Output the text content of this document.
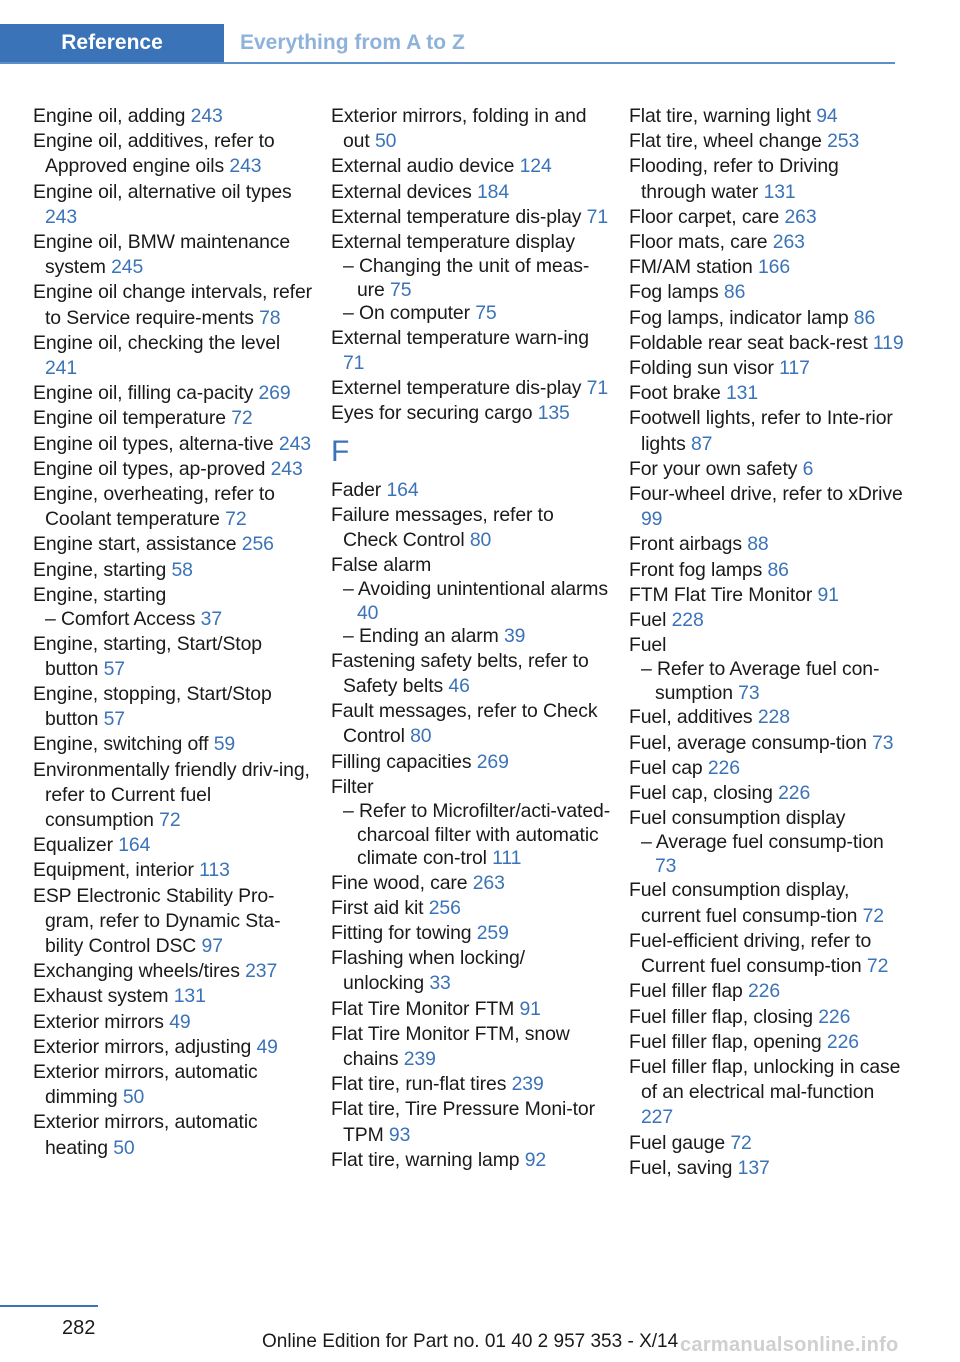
Reference	Everything from A to Z
Engine oil, adding 243
Engine oil, additives, refer to Approved engine oils 243
Engine oil, alternative oil types 243
Engine oil, BMW maintenance system 245
Engine oil change intervals, refer to Service require‐ments 78
Engine oil, checking the level 241
Engine oil, filling ca‐pacity 269
Engine oil temperature 72
Engine oil types, alterna‐tive 243
Engine oil types, ap‐proved 243
Engine, overheating, refer to Coolant temperature 72
Engine start, assistance 256
Engine, starting 58
Engine, starting
– Comfort Access 37
Engine, starting, Start/Stop button 57
Engine, stopping, Start/Stop button 57
Engine, switching off 59
Environmentally friendly driv‐ing, refer to Current fuel consumption 72
Equalizer 164
Equipment, interior 113
ESP Electronic Stability Pro‐gram, refer to Dynamic Sta‐bility Control DSC 97
Exchanging wheels/tires 237
Exhaust system 131
Exterior mirrors 49
Exterior mirrors, adjusting 49
Exterior mirrors, automatic dimming 50
Exterior mirrors, automatic heating 50
Exterior mirrors, folding in and out 50
External audio device 124
External devices 184
External temperature dis‐play 71
External temperature display
– Changing the unit of meas‐ure 75
– On computer 75
External temperature warn‐ing 71
Externel temperature dis‐play 71
Eyes for securing cargo 135
F
Fader 164
Failure messages, refer to Check Control 80
False alarm
– Avoiding unintentional alarms 40
– Ending an alarm 39
Fastening safety belts, refer to Safety belts 46
Fault messages, refer to Check Control 80
Filling capacities 269
Filter
– Refer to Microfilter/acti‐vated-charcoal filter with automatic climate con‐trol 111
Fine wood, care 263
First aid kit 256
Fitting for towing 259
Flashing when locking/ unlocking 33
Flat Tire Monitor FTM 91
Flat Tire Monitor FTM, snow chains 239
Flat tire, run-flat tires 239
Flat tire, Tire Pressure Moni‐tor TPM 93
Flat tire, warning lamp 92
Flat tire, warning light 94
Flat tire, wheel change 253
Flooding, refer to Driving through water 131
Floor carpet, care 263
Floor mats, care 263
FM/AM station 166
Fog lamps 86
Fog lamps, indicator lamp 86
Foldable rear seat back‐rest 119
Folding sun visor 117
Foot brake 131
Footwell lights, refer to Inte‐rior lights 87
For your own safety 6
Four-wheel drive, refer to xDrive 99
Front airbags 88
Front fog lamps 86
FTM Flat Tire Monitor 91
Fuel 228
Fuel
– Refer to Average fuel con‐sumption 73
Fuel, additives 228
Fuel, average consump‐tion 73
Fuel cap 226
Fuel cap, closing 226
Fuel consumption display
– Average fuel consump‐tion 73
Fuel consumption display, current fuel consump‐tion 72
Fuel-efficient driving, refer to Current fuel consump‐tion 72
Fuel filler flap 226
Fuel filler flap, closing 226
Fuel filler flap, opening 226
Fuel filler flap, unlocking in case of an electrical mal‐function 227
Fuel gauge 72
Fuel, saving 137
282
Online Edition for Part no. 01 40 2 957 353 - X/14 carmanualsonline.info
